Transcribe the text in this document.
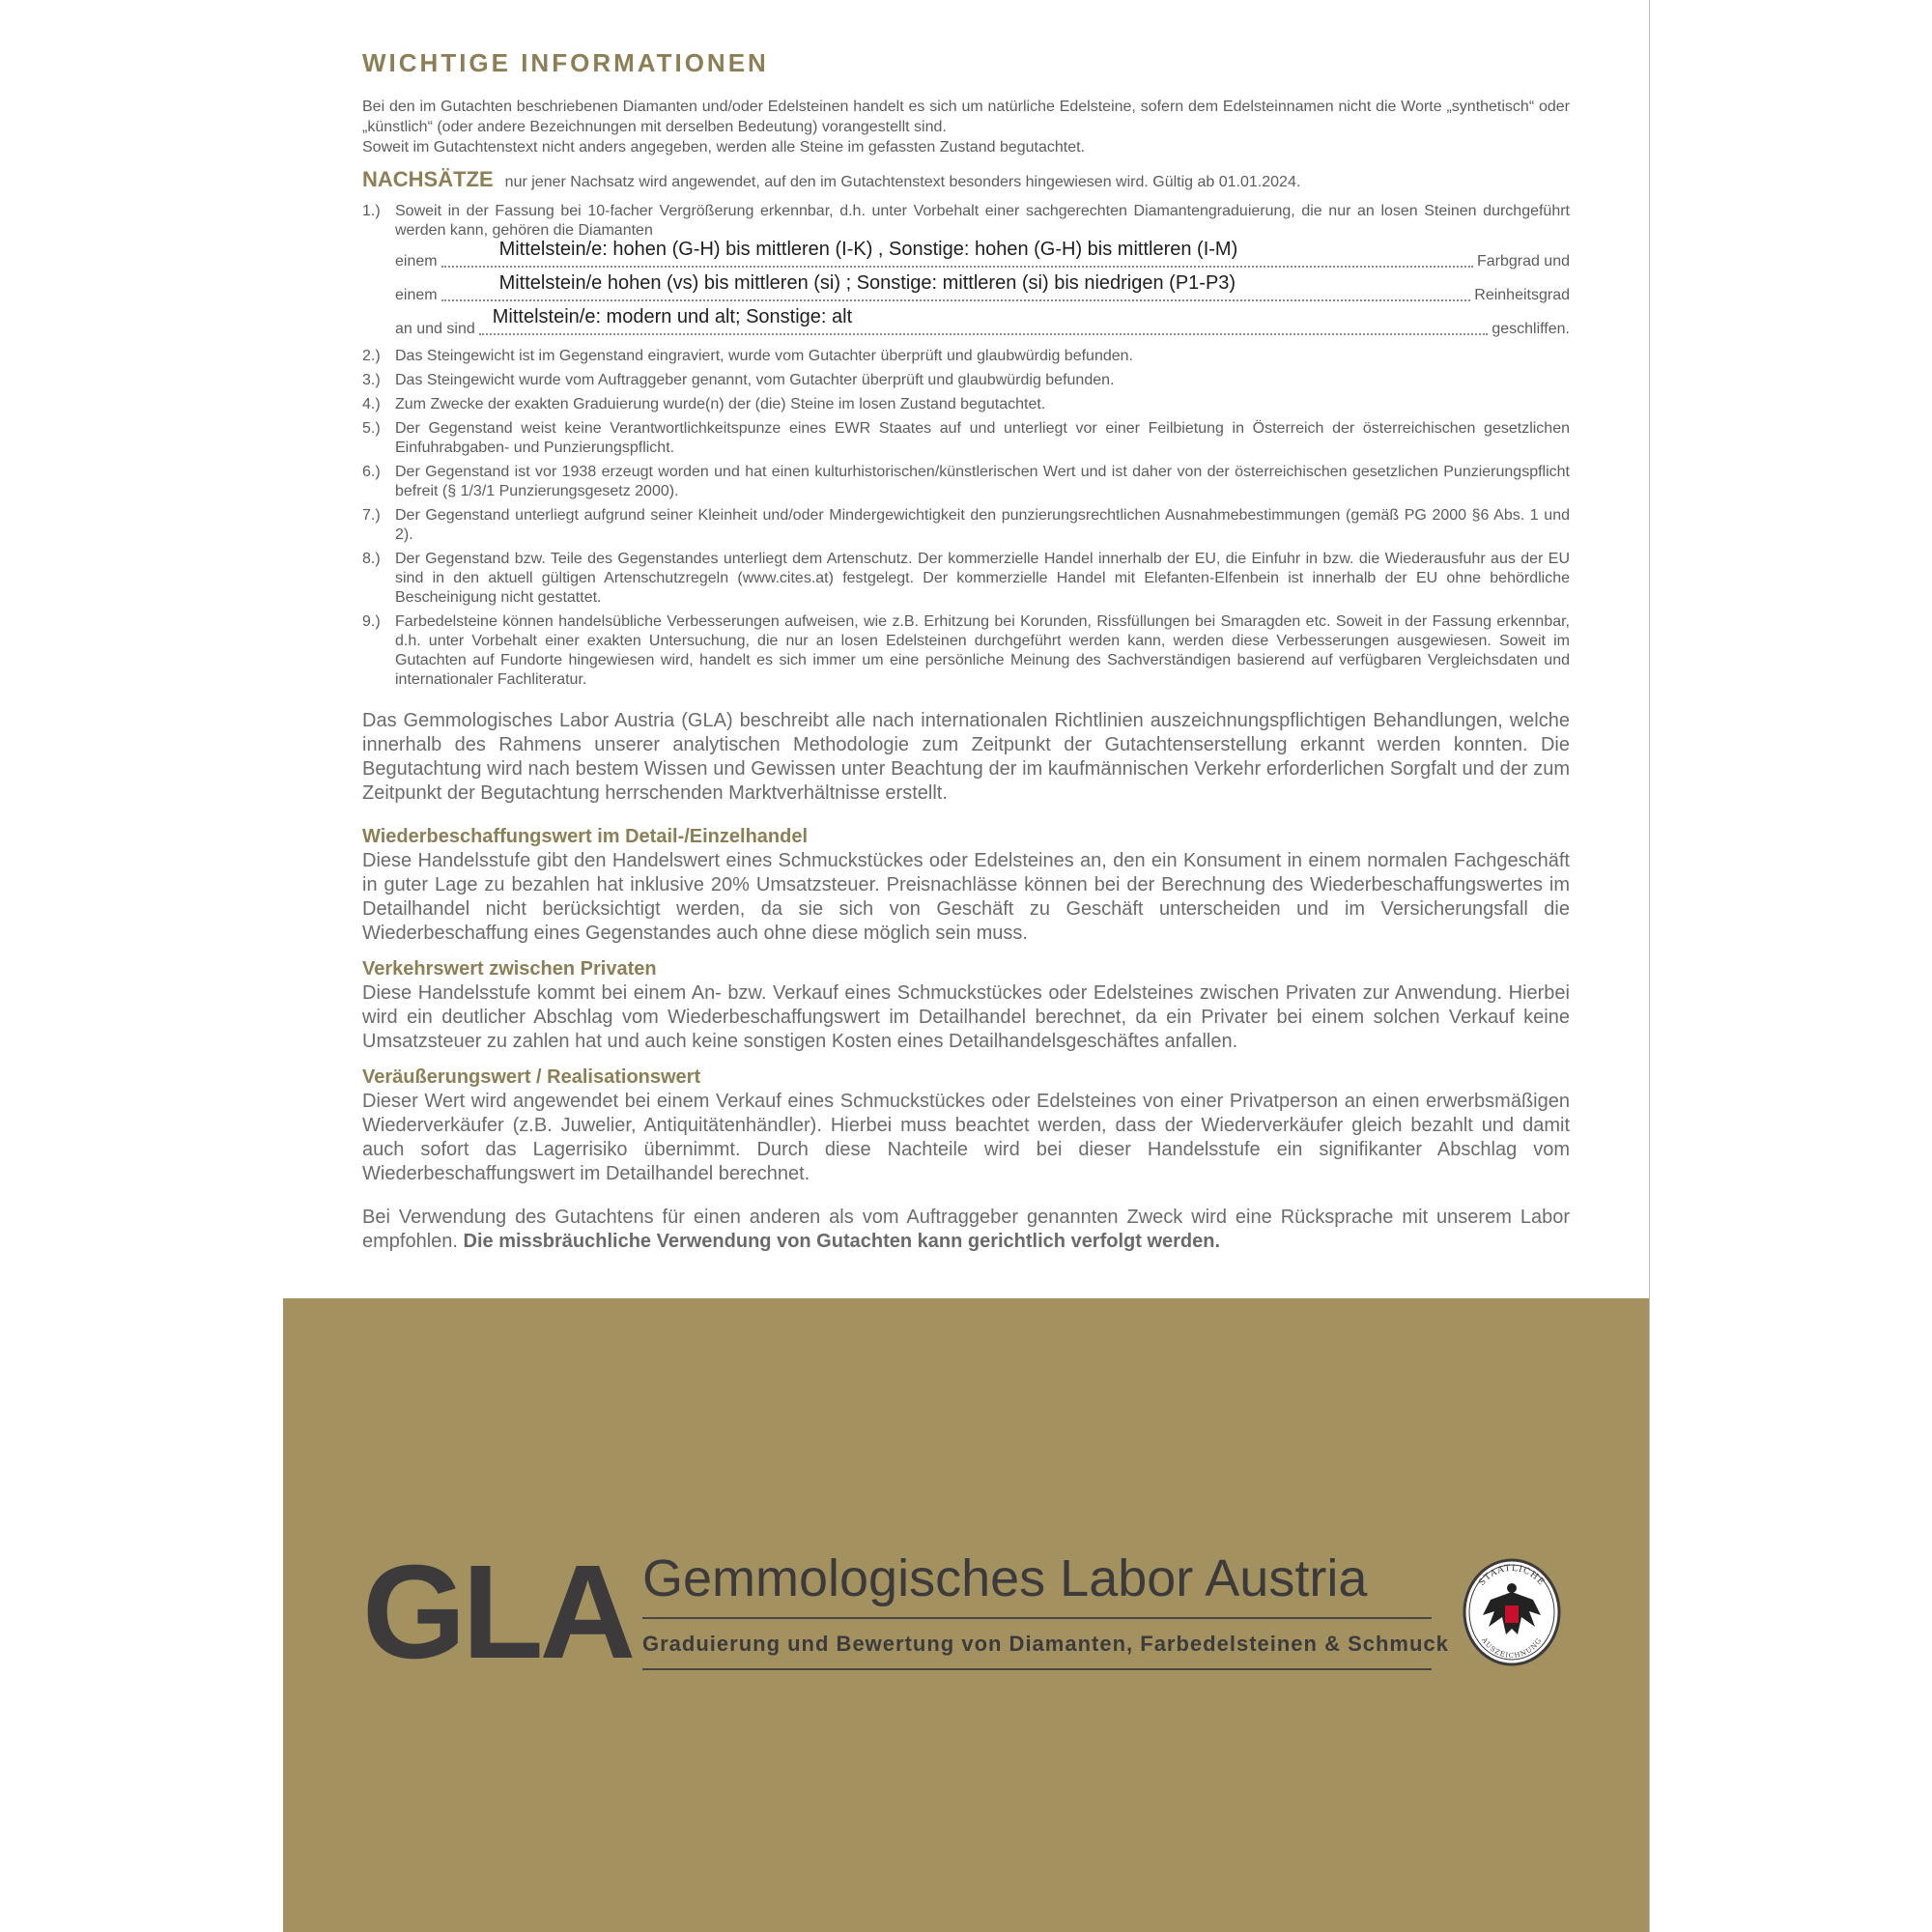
WICHTIGE INFORMATIONEN
Bei den im Gutachten beschriebenen Diamanten und/oder Edelsteinen handelt es sich um natürliche Edelsteine, sofern dem Edelsteinnamen nicht die Worte „synthetisch“ oder „künstlich“ (oder andere Bezeichnungen mit derselben Bedeutung) vorangestellt sind.
Soweit im Gutachtenstext nicht anders angegeben, werden alle Steine im gefassten Zustand begutachtet.
NACHSÄTZE nur jener Nachsatz wird angewendet, auf den im Gutachtenstext besonders hingewiesen wird. Gültig ab 01.01.2024.
1.) Soweit in der Fassung bei 10-facher Vergrößerung erkennbar, d.h. unter Vorbehalt einer sachgerechten Diamantengraduierung, die nur an losen Steinen durchgeführt werden kann, gehören die Diamanten
einem
Mittelstein/e: hohen (G-H) bis mittleren (I-K) , Sonstige: hohen (G-H) bis mittleren (I-M)
Farbgrad und
einem
Mittelstein/e hohen (vs) bis mittleren (si) ; Sonstige: mittleren (si) bis niedrigen (P1-P3)
Reinheitsgrad
an und sind
Mittelstein/e: modern und alt; Sonstige: alt
geschliffen.
2.) Das Steingewicht ist im Gegenstand eingraviert, wurde vom Gutachter überprüft und glaubwürdig befunden.
3.) Das Steingewicht wurde vom Auftraggeber genannt, vom Gutachter überprüft und glaubwürdig befunden.
4.) Zum Zwecke der exakten Graduierung wurde(n) der (die) Steine im losen Zustand begutachtet.
5.) Der Gegenstand weist keine Verantwortlichkeitspunze eines EWR Staates auf und unterliegt vor einer Feilbietung in Österreich der österreichischen gesetzlichen Einfuhrabgaben- und Punzierungspflicht.
6.) Der Gegenstand ist vor 1938 erzeugt worden und hat einen kulturhistorischen/künstlerischen Wert und ist daher von der österreichischen gesetzlichen Punzierungspflicht befreit (§ 1/3/1 Punzierungsgesetz 2000).
7.) Der Gegenstand unterliegt aufgrund seiner Kleinheit und/oder Mindergewichtigkeit den punzierungsrechtlichen Ausnahmebestimmungen (gemäß PG 2000 §6 Abs. 1 und 2).
8.) Der Gegenstand bzw. Teile des Gegenstandes unterliegt dem Artenschutz. Der kommerzielle Handel innerhalb der EU, die Einfuhr in bzw. die Wiederausfuhr aus der EU sind in den aktuell gültigen Artenschutzregeln (www.cites.at) festgelegt. Der kommerzielle Handel mit Elefanten-Elfenbein ist innerhalb der EU ohne behördliche Bescheinigung nicht gestattet.
9.) Farbedelsteine können handelsübliche Verbesserungen aufweisen, wie z.B. Erhitzung bei Korunden, Rissfüllungen bei Smaragden etc. Soweit in der Fassung erkennbar, d.h. unter Vorbehalt einer exakten Untersuchung, die nur an losen Edelsteinen durchgeführt werden kann, werden diese Verbesserungen ausgewiesen. Soweit im Gutachten auf Fundorte hingewiesen wird, handelt es sich immer um eine persönliche Meinung des Sachverständigen basierend auf verfügbaren Vergleichsdaten und internationaler Fachliteratur.
Das Gemmologisches Labor Austria (GLA) beschreibt alle nach internationalen Richtlinien auszeichnungspflichtigen Behandlungen, welche innerhalb des Rahmens unserer analytischen Methodologie zum Zeitpunkt der Gutachtenserstellung erkannt werden konnten. Die Begutachtung wird nach bestem Wissen und Gewissen unter Beachtung der im kaufmännischen Verkehr erforderlichen Sorgfalt und der zum Zeitpunkt der Begutachtung herrschenden Marktverhältnisse erstellt.
Wiederbeschaffungswert im Detail-/Einzelhandel
Diese Handelsstufe gibt den Handelswert eines Schmuckstückes oder Edelsteines an, den ein Konsument in einem normalen Fachgeschäft in guter Lage zu bezahlen hat inklusive 20% Umsatzsteuer. Preisnachlässe können bei der Berechnung des Wiederbeschaffungswertes im Detailhandel nicht berücksichtigt werden, da sie sich von Geschäft zu Geschäft unterscheiden und im Versicherungsfall die Wiederbeschaffung eines Gegenstandes auch ohne diese möglich sein muss.
Verkehrswert zwischen Privaten
Diese Handelsstufe kommt bei einem An- bzw. Verkauf eines Schmuckstückes oder Edelsteines zwischen Privaten zur Anwendung. Hierbei wird ein deutlicher Abschlag vom Wiederbeschaffungswert im Detailhandel berechnet, da ein Privater bei einem solchen Verkauf keine Umsatzsteuer zu zahlen hat und auch keine sonstigen Kosten eines Detailhandelsgeschäftes anfallen.
Veräußerungswert / Realisationswert
Dieser Wert wird angewendet bei einem Verkauf eines Schmuckstückes oder Edelsteines von einer Privatperson an einen erwerbsmäßigen Wiederverkäufer (z.B. Juwelier, Antiquitätenhändler). Hierbei muss beachtet werden, dass der Wiederverkäufer gleich bezahlt und damit auch sofort das Lagerrisiko übernimmt. Durch diese Nachteile wird bei dieser Handelsstufe ein signifikanter Abschlag vom Wiederbeschaffungswert im Detailhandel berechnet.
Bei Verwendung des Gutachtens für einen anderen als vom Auftraggeber genannten Zweck wird eine Rücksprache mit unserem Labor empfohlen. Die missbräuchliche Verwendung von Gutachten kann gerichtlich verfolgt werden.
GLA Gemmologisches Labor Austria
Graduierung und Bewertung von Diamanten, Farbedelsteinen & Schmuck
STAATLICHE
AUSZEICHNUNG
